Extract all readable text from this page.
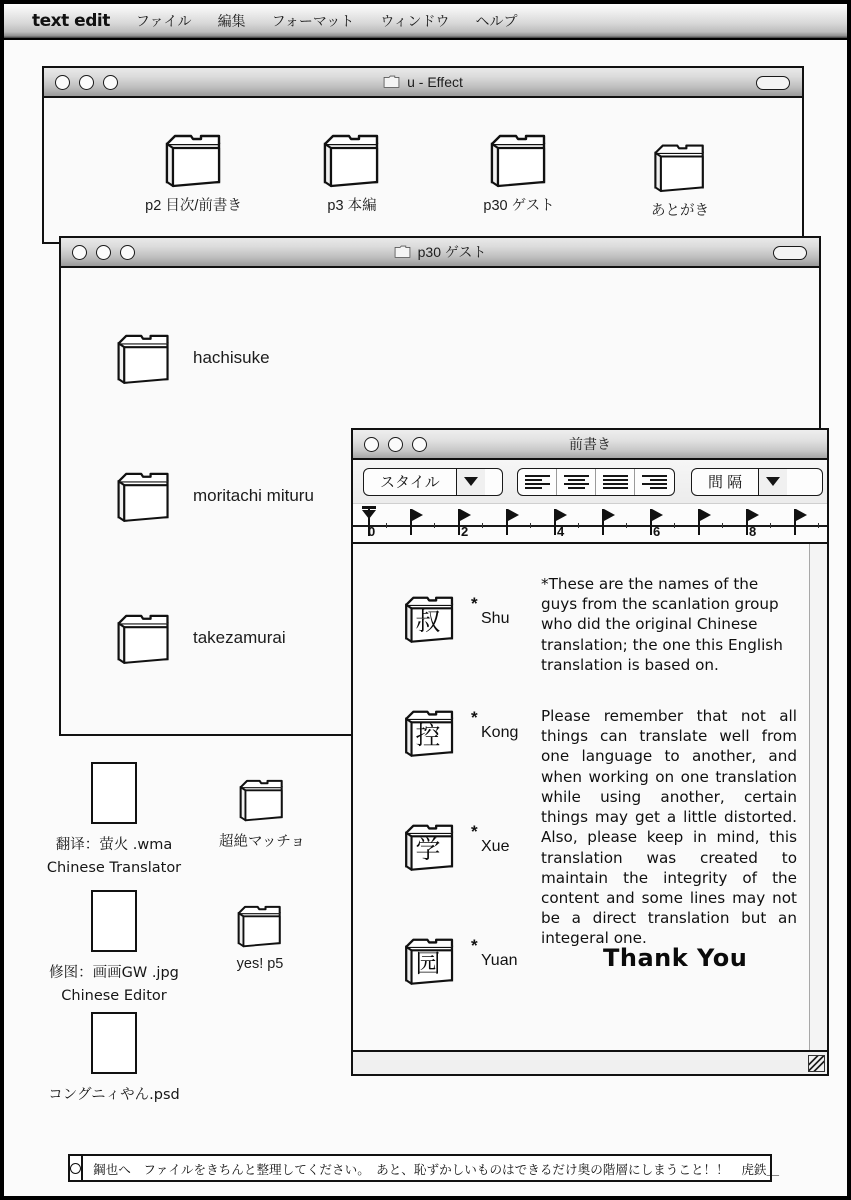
text edit ファイル 編集 フォーマット ウィンドウ ヘルプ
u - Effect
p2 目次/前書き	p3 本編	p30 ゲスト	あとがき
p30 ゲスト
hachisuke
moritachi mituru
takezamurai
翻译：萤火 .wma
Chinese Translator
修图：画画GW .jpg
Chinese Editor
コングニィやん.psd
超絶マッチョ
yes! p5
前書き
スタイル	間 隔
0	2	4	6	8
叔
*
Shu
控
*
Kong
学
*
Xue
园
*
Yuan
*These are the names of the guys from the scanlation group who did the original Chinese translation; the one this English translation is based on.
Please remember that not all things can translate well from one language to another, and when working on one translation while using another, certain things may get a little distorted. Also, please keep in mind, this translation was created to maintain the integrity of the content and some lines may not be a direct translation but an integeral one.
Thank You
鋼也へ　ファイルをきちんと整理してください。　あと、恥ずかしいものはできるだけ奥の階層にしまうこと！！　虎鉄＿
